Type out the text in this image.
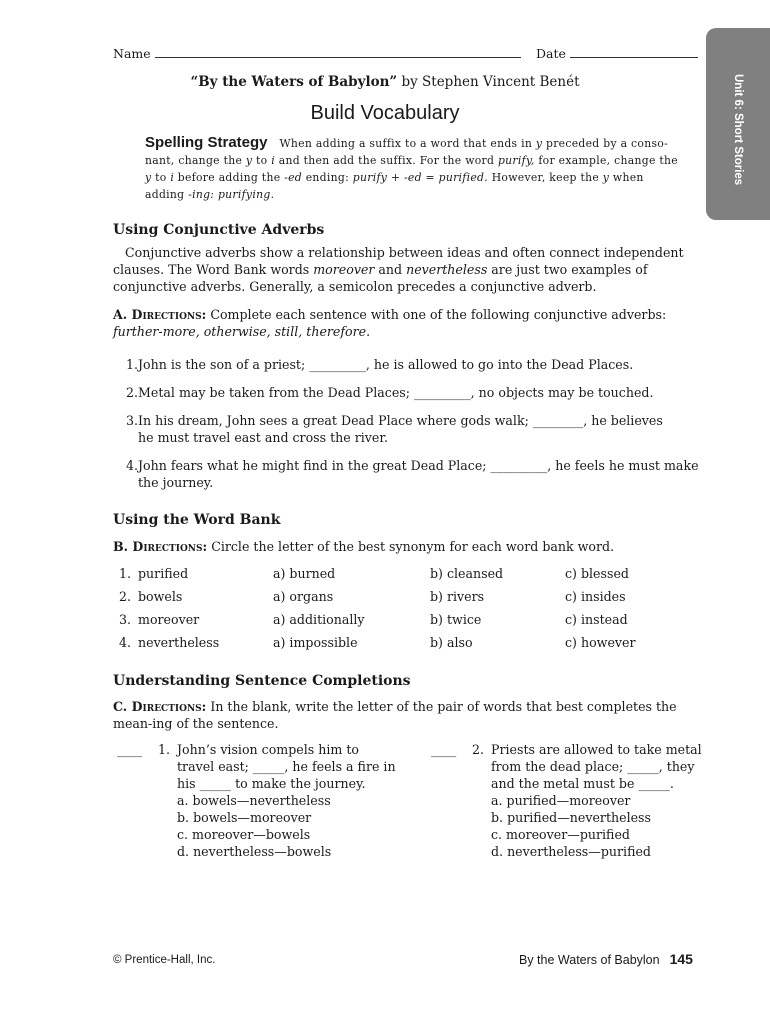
Unit 6: Short Stories
Name	Date
“By the Waters of Babylon” by Stephen Vincent Benét
Build Vocabulary
Spelling Strategy When adding a suffix to a word that ends in y preceded by a conso-nant, change the y to i and then add the suffix. For the word purify, for example, change the y to i before adding the -ed ending: purify + -ed = purified. However, keep the y when adding -ing: purifying.
Using Conjunctive Adverbs
Conjunctive adverbs show a relationship between ideas and often connect independent clauses. The Word Bank words moreover and nevertheless are just two examples of conjunctive adverbs. Generally, a semicolon precedes a conjunctive adverb.
A. Directions: Complete each sentence with one of the following conjunctive adverbs: further-more, otherwise, still, therefore.
1. John is the son of a priest; _________, he is allowed to go into the Dead Places.
2. Metal may be taken from the Dead Places; _________, no objects may be touched.
3. In his dream, John sees a great Dead Place where gods walk; ________, he believes he must travel east and cross the river.
4. John fears what he might find in the great Dead Place; _________, he feels he must make the journey.
Using the Word Bank
B. Directions: Circle the letter of the best synonym for each word bank word.
1. purified	a) burned	b) cleansed	c) blessed
2. bowels	a) organs	b) rivers	c) insides
3. moreover	a) additionally	b) twice	c) instead
4. nevertheless	a) impossible	b) also	c) however
Understanding Sentence Completions
C. Directions: In the blank, write the letter of the pair of words that best completes the mean-ing of the sentence.
____ 1. John’s vision compels him to
travel east; _____, he feels a fire in
his _____ to make the journey.
a. bowels—nevertheless
b. bowels—moreover
c. moreover—bowels
d. nevertheless—bowels
____ 2. Priests are allowed to take metal
from the dead place; _____, they
and the metal must be _____.
a. purified—moreover
b. purified—nevertheless
c. moreover—purified
d. nevertheless—purified
© Prentice-Hall, Inc.	By the Waters of Babylon 145
